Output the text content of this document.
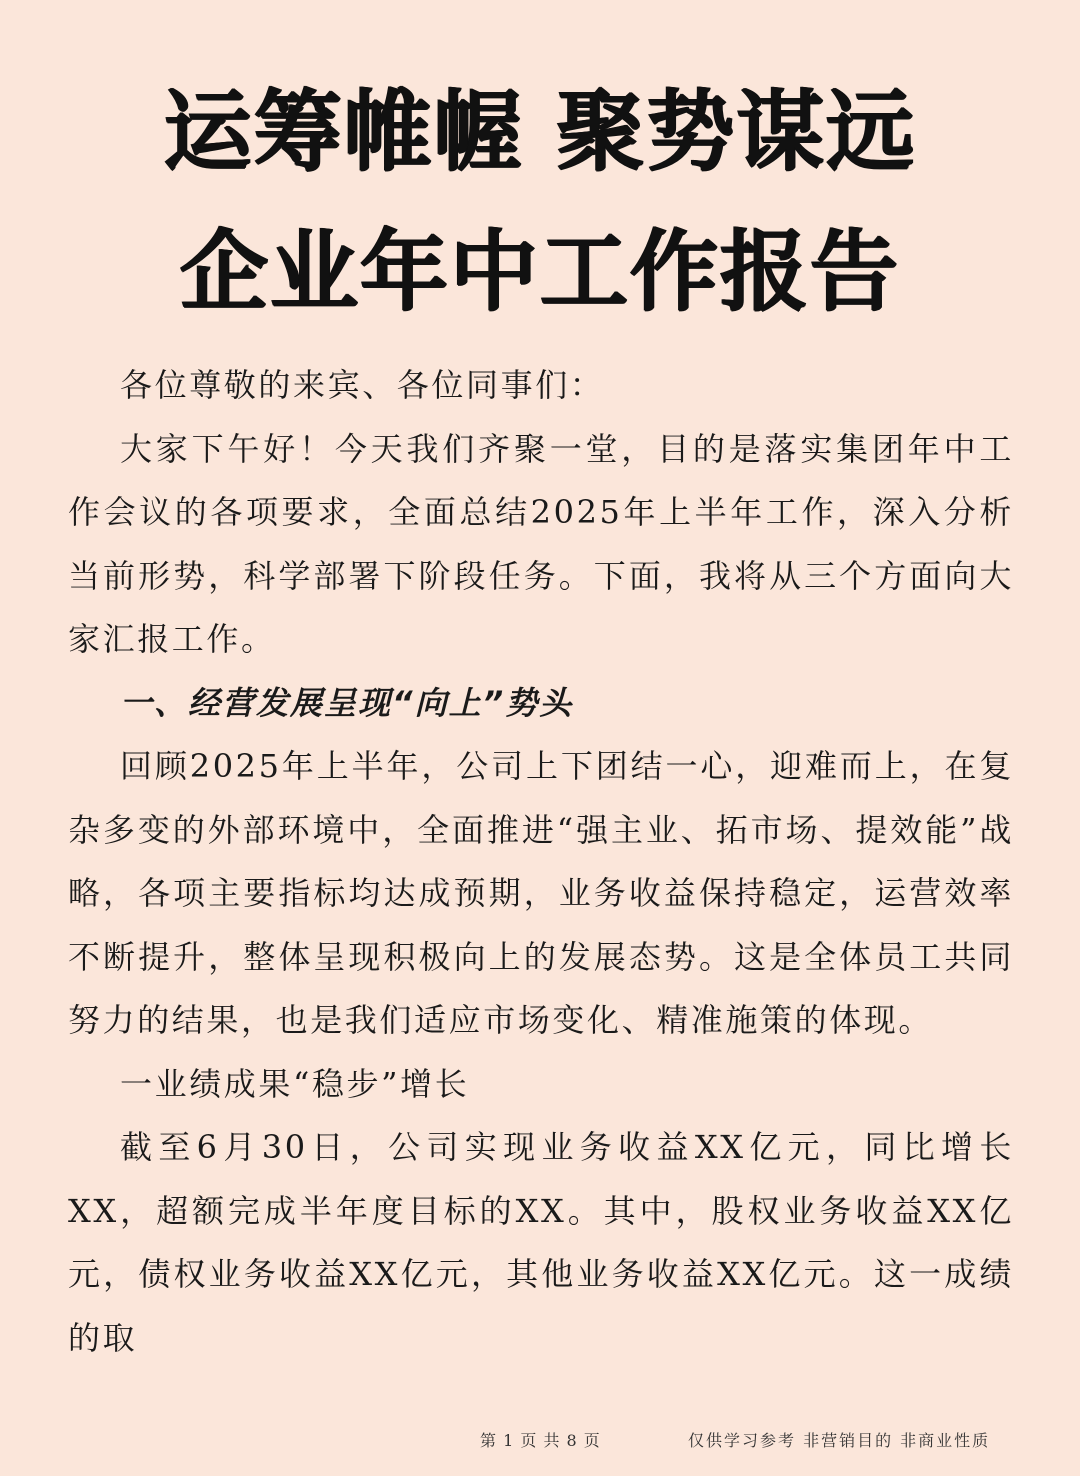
运筹帷幄 聚势谋远
企业年中工作报告

各位尊敬的来宾、各位同事们：

大家下午好！今天我们齐聚一堂，目的是落实集团年中工作会议的各项要求，全面总结2025年上半年工作，深入分析当前形势，科学部署下阶段任务。下面，我将从三个方面向大家汇报工作。

一、经营发展呈现“向上”势头

回顾2025年上半年，公司上下团结一心，迎难而上，在复杂多变的外部环境中，全面推进“强主业、拓市场、提效能”战略，各项主要指标均达成预期，业务收益保持稳定，运营效率不断提升，整体呈现积极向上的发展态势。这是全体员工共同努力的结果，也是我们适应市场变化、精准施策的体现。

一业绩成果“稳步”增长

截至6月30日，公司实现业务收益XX亿元，同比增长XX，超额完成半年度目标的XX。其中，股权业务收益XX亿元，债权业务收益XX亿元，其他业务收益XX亿元。这一成绩的取

第 1 页 共 8 页	仅供学习参考 非营销目的 非商业性质
